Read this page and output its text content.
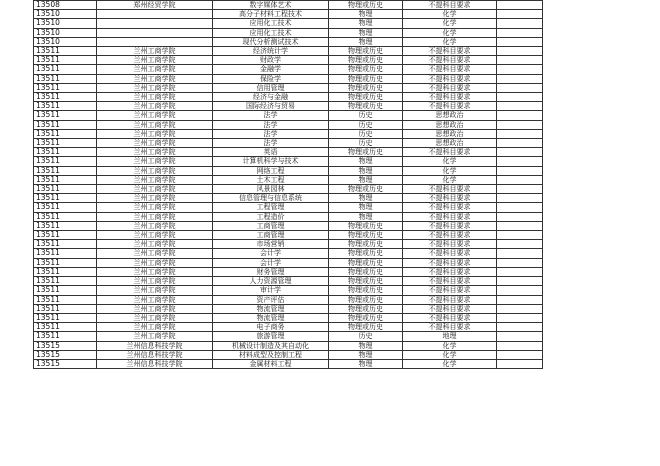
13508	郑州经贸学院	数字媒体艺术	物理或历史	不提科目要求	
13510		高分子材料工程技术	物理	化学	
13510		应用化工技术	物理	化学	
13510		应用化工技术	物理	化学	
13510		现代分析测试技术	物理	化学	
13511	兰州工商学院	经济统计学	物理或历史	不提科目要求	
13511	兰州工商学院	财政学	物理或历史	不提科目要求	
13511	兰州工商学院	金融学	物理或历史	不提科目要求	
13511	兰州工商学院	保险学	物理或历史	不提科目要求	
13511	兰州工商学院	信用管理	物理或历史	不提科目要求	
13511	兰州工商学院	经济与金融	物理或历史	不提科目要求	
13511	兰州工商学院	国际经济与贸易	物理或历史	不提科目要求	
13511	兰州工商学院	法学	历史	思想政治	
13511	兰州工商学院	法学	历史	思想政治	
13511	兰州工商学院	法学	历史	思想政治	
13511	兰州工商学院	法学	历史	思想政治	
13511	兰州工商学院	英语	物理或历史	不提科目要求	
13511	兰州工商学院	计算机科学与技术	物理	化学	
13511	兰州工商学院	网络工程	物理	化学	
13511	兰州工商学院	土木工程	物理	化学	
13511	兰州工商学院	风景园林	物理或历史	不提科目要求	
13511	兰州工商学院	信息管理与信息系统	物理	不提科目要求	
13511	兰州工商学院	工程管理	物理	不提科目要求	
13511	兰州工商学院	工程造价	物理	不提科目要求	
13511	兰州工商学院	工商管理	物理或历史	不提科目要求	
13511	兰州工商学院	工商管理	物理或历史	不提科目要求	
13511	兰州工商学院	市场营销	物理或历史	不提科目要求	
13511	兰州工商学院	会计学	物理或历史	不提科目要求	
13511	兰州工商学院	会计学	物理或历史	不提科目要求	
13511	兰州工商学院	财务管理	物理或历史	不提科目要求	
13511	兰州工商学院	人力资源管理	物理或历史	不提科目要求	
13511	兰州工商学院	审计学	物理或历史	不提科目要求	
13511	兰州工商学院	资产评估	物理或历史	不提科目要求	
13511	兰州工商学院	物流管理	物理或历史	不提科目要求	
13511	兰州工商学院	物流管理	物理或历史	不提科目要求	
13511	兰州工商学院	电子商务	物理或历史	不提科目要求	
13511	兰州工商学院	旅游管理	历史	地理	
13515	兰州信息科技学院	机械设计制造及其自动化	物理	化学	
13515	兰州信息科技学院	材料成型及控制工程	物理	化学	
13515	兰州信息科技学院	金属材料工程	物理	化学	
